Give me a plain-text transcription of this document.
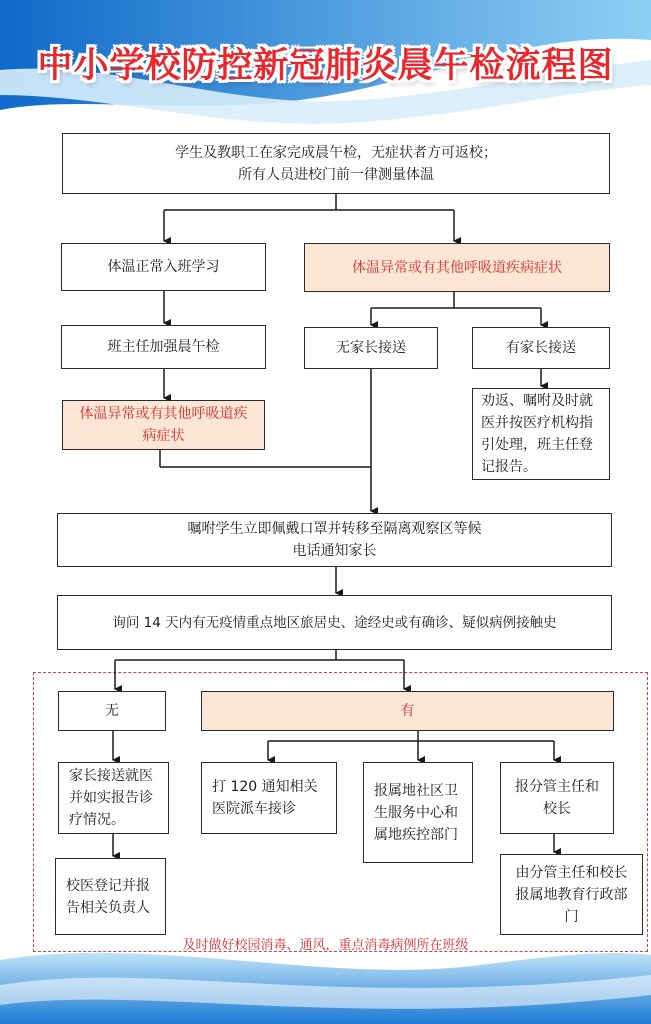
中小学校防控新冠肺炎晨午检流程图
学生及教职工在家完成晨午检，无症状者方可返校；
所有人员进校门前一律测量体温
体温正常入班学习	体温异常或有其他呼吸道疾病症状
班主任加强晨午检	无家长接送	有家长接送
体温异常或有其他呼吸道疾病症状
劝返、嘱咐及时就医并按医疗机构指引处理，班主任登记报告。
嘱咐学生立即佩戴口罩并转移至隔离观察区等候
电话通知家长
询问 14 天内有无疫情重点地区旅居史、途经史或有确诊、疑似病例接触史
无	有
家长接送就医并如实报告诊疗情况。
校医登记并报告相关负责人
打 120 通知相关医院派车接诊
报属地社区卫生服务中心和属地疾控部门
报分管主任和校长
由分管主任和校长报属地教育行政部门
及时做好校园消毒、通风，重点消毒病例所在班级
